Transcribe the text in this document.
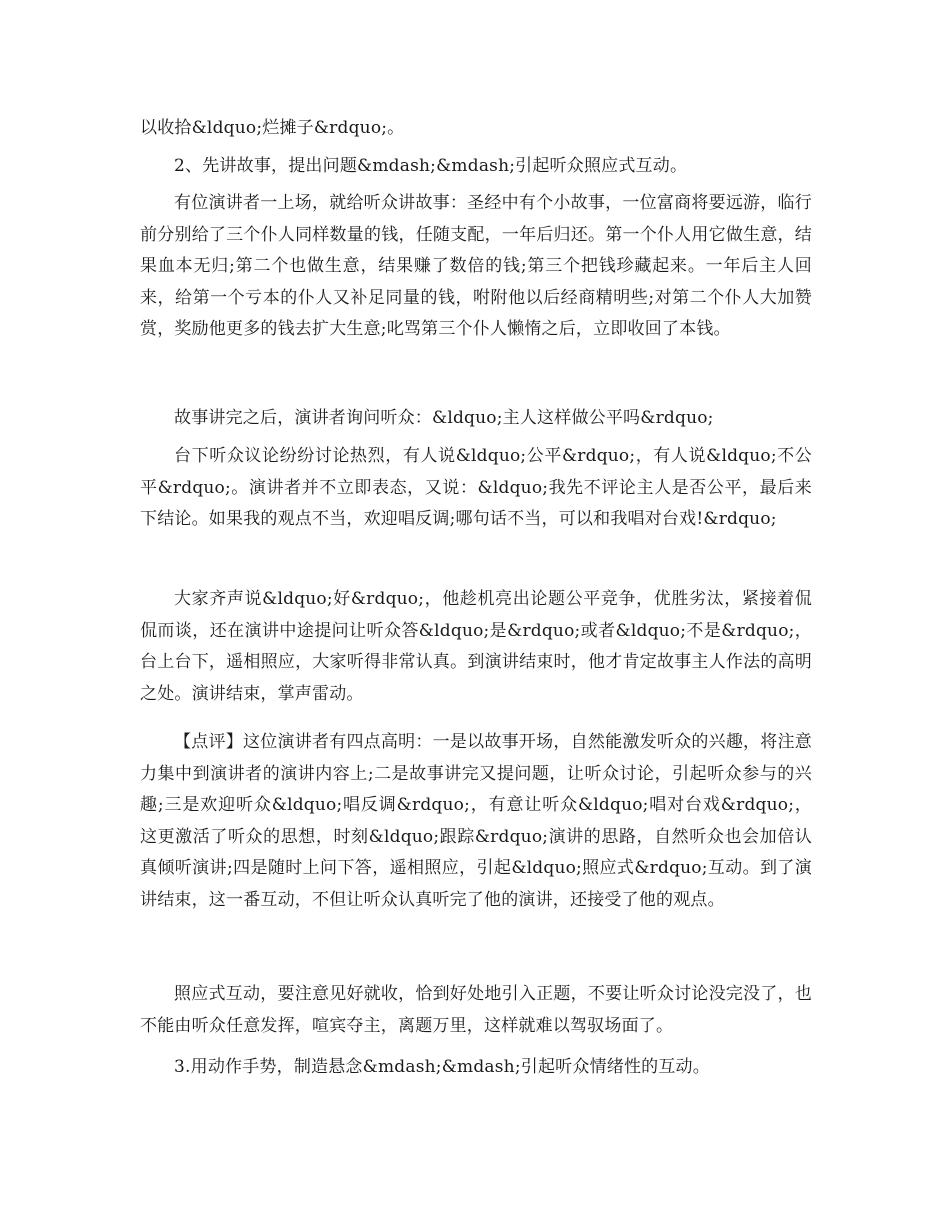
以收拾&ldquo;烂摊子&rdquo;。

2、先讲故事，提出问题&mdash;&mdash;引起听众照应式互动。

有位演讲者一上场，就给听众讲故事：圣经中有个小故事，一位富商将要远游，临行前分别给了三个仆人同样数量的钱，任随支配，一年后归还。第一个仆人用它做生意，结果血本无归;第二个也做生意，结果赚了数倍的钱;第三个把钱珍藏起来。一年后主人回来，给第一个亏本的仆人又补足同量的钱，咐附他以后经商精明些;对第二个仆人大加赞赏，奖励他更多的钱去扩大生意;叱骂第三个仆人懒惰之后，立即收回了本钱。

故事讲完之后，演讲者询问听众：&ldquo;主人这样做公平吗&rdquo;

台下听众议论纷纷讨论热烈，有人说&ldquo;公平&rdquo;，有人说&ldquo;不公平&rdquo;。演讲者并不立即表态，又说：&ldquo;我先不评论主人是否公平，最后来下结论。如果我的观点不当，欢迎唱反调;哪句话不当，可以和我唱对台戏!&rdquo;

大家齐声说&ldquo;好&rdquo;，他趁机亮出论题公平竞争，优胜劣汰，紧接着侃侃而谈，还在演讲中途提问让听众答&ldquo;是&rdquo;或者&ldquo;不是&rdquo;，台上台下，遥相照应，大家听得非常认真。到演讲结束时，他才肯定故事主人作法的高明之处。演讲结束，掌声雷动。

【点评】这位演讲者有四点高明：一是以故事开场，自然能激发听众的兴趣，将注意力集中到演讲者的演讲内容上;二是故事讲完又提问题，让听众讨论，引起听众参与的兴趣;三是欢迎听众&ldquo;唱反调&rdquo;，有意让听众&ldquo;唱对台戏&rdquo;，这更激活了听众的思想，时刻&ldquo;跟踪&rdquo;演讲的思路，自然听众也会加倍认真倾听演讲;四是随时上问下答，遥相照应，引起&ldquo;照应式&rdquo;互动。到了演讲结束，这一番互动，不但让听众认真听完了他的演讲，还接受了他的观点。

照应式互动，要注意见好就收，恰到好处地引入正题，不要让听众讨论没完没了，也不能由听众任意发挥，喧宾夺主，离题万里，这样就难以驾驭场面了。

3.用动作手势，制造悬念&mdash;&mdash;引起听众情绪性的互动。
